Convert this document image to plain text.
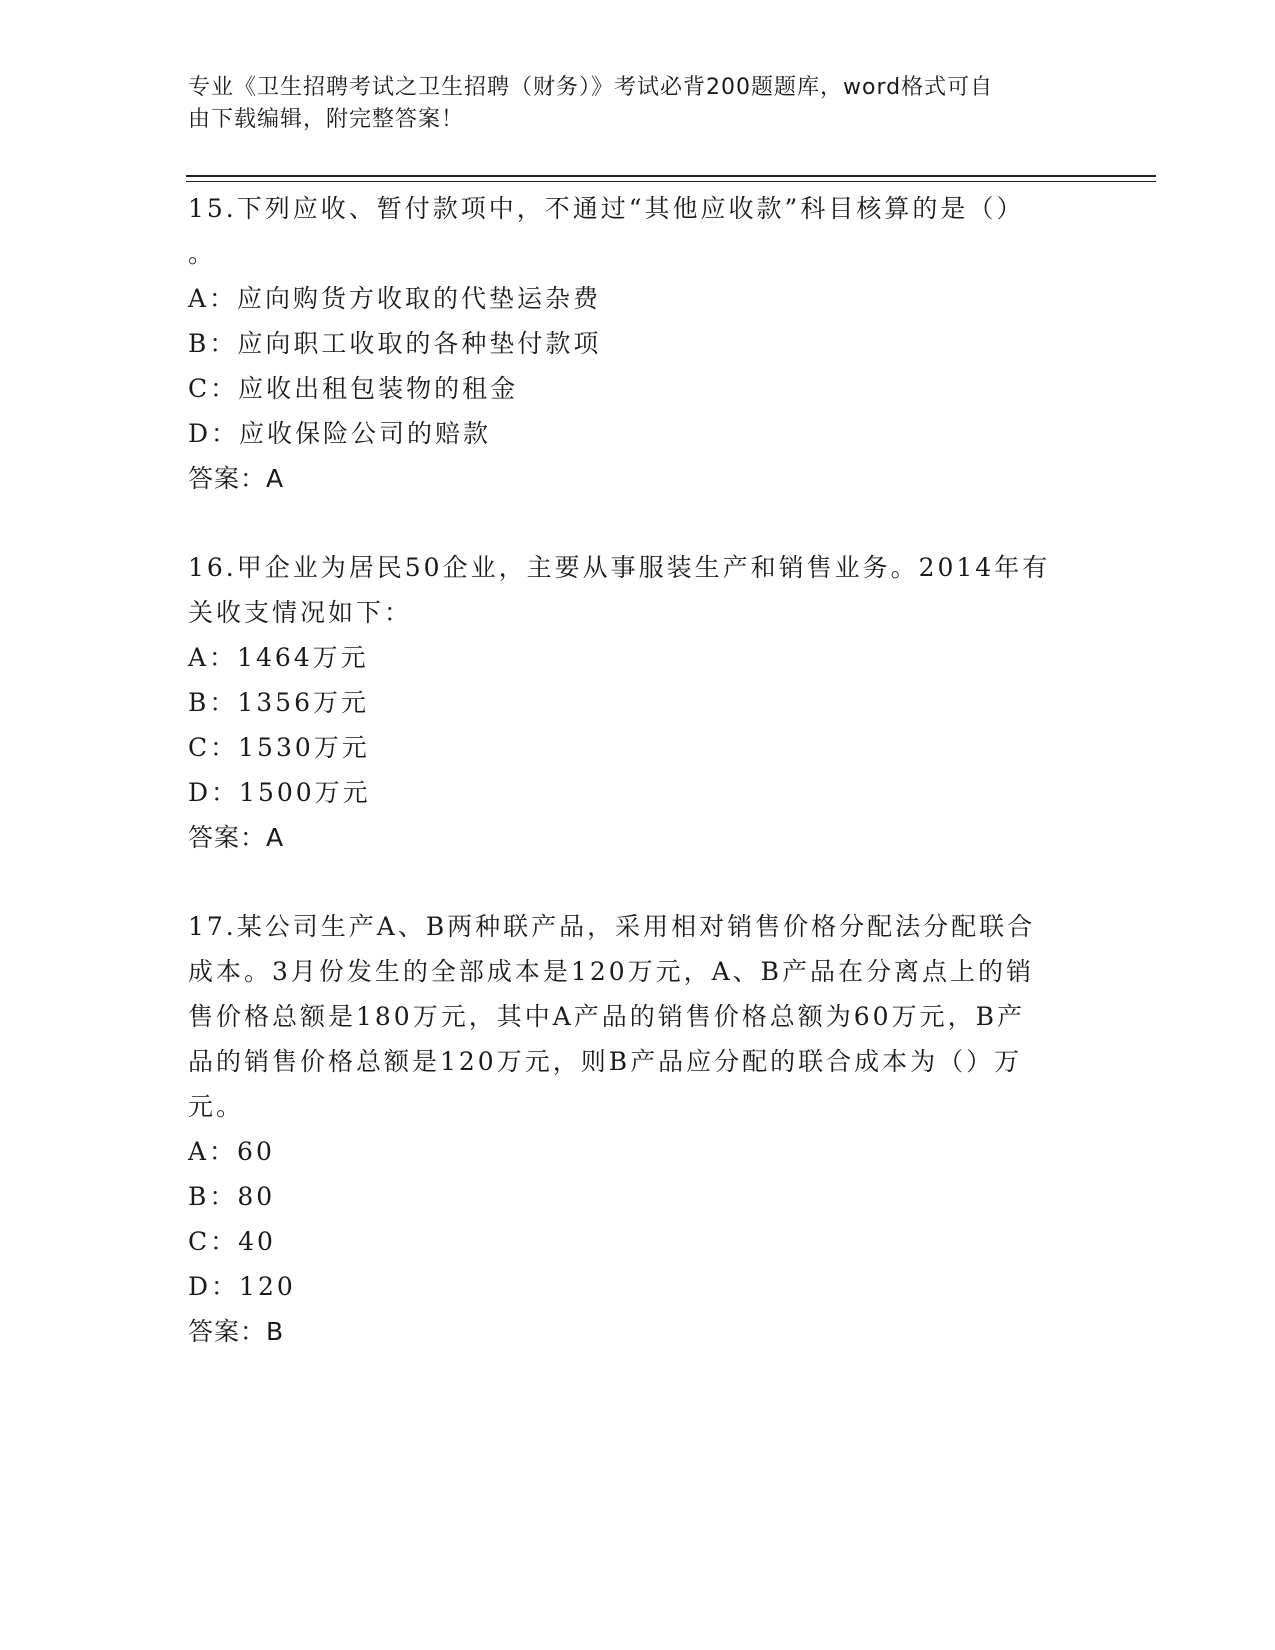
专业《卫生招聘考试之卫生招聘（财务）》考试必背200题题库，word格式可自
由下载编辑，附完整答案！

15.下列应收、暂付款项中，不通过“其他应收款”科目核算的是（）

。

A：应向购货方收取的代垫运杂费

B：应向职工收取的各种垫付款项

C：应收出租包装物的租金

D：应收保险公司的赔款

答案：A

16.甲企业为居民50企业，主要从事服装生产和销售业务。2014年有

关收支情况如下：

A：1464万元

B：1356万元

C：1530万元

D：1500万元

答案：A

17.某公司生产A、B两种联产品，采用相对销售价格分配法分配联合

成本。3月份发生的全部成本是120万元，A、B产品在分离点上的销

售价格总额是180万元，其中A产品的销售价格总额为60万元，B产

品的销售价格总额是120万元，则B产品应分配的联合成本为（）万

元。

A：60

B：80

C：40

D：120

答案：B
